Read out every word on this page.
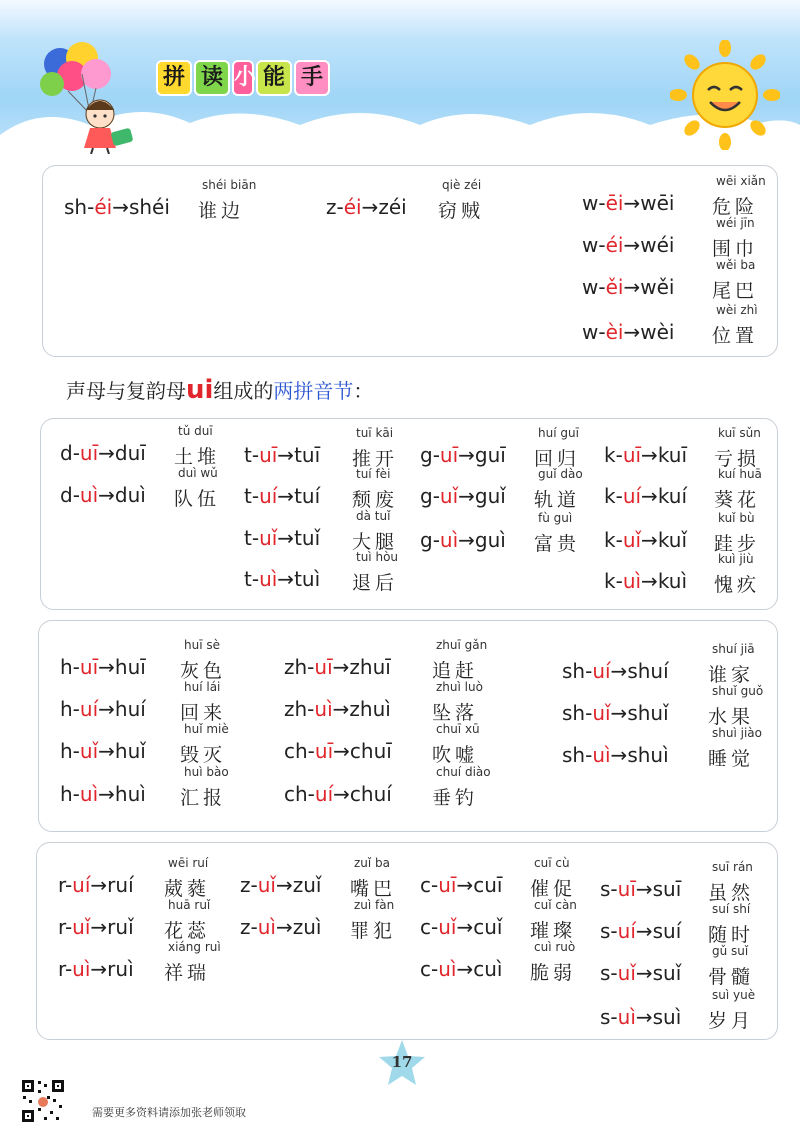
拼 读 小 能 手
声母与复韵母ui组成的两拼音节：
sh-éi→shéi
shéi biān
谁边	z-éi→zéi
qiè zéi
窃贼	w-ēi→wēi
wēi xiǎn
危险
w-éi→wéi
wéi jīn
围巾
w-ěi→wěi
wěi ba
尾巴
w-èi→wèi
wèi zhì
位置
d-uī→duī
tǔ duī
土堆
d-uì→duì
duì wǔ
队伍
t-uī→tuī
tuī kāi
推开
t-uí→tuí
tuí fèi
颓废
t-uǐ→tuǐ
dà tuǐ
大腿
t-uì→tuì
tuì hòu
退后
g-uī→guī
huí guī
回归
g-uǐ→guǐ
guǐ dào
轨道
g-uì→guì
fù guì
富贵
k-uī→kuī
kuī sǔn
亏损
k-uí→kuí
kuí huā
葵花
k-uǐ→kuǐ
kuǐ bù
跬步
k-uì→kuì
kuì jiù
愧疚
h-uī→huī
huī sè
灰色
h-uí→huí
huí lái
回来
h-uǐ→huǐ
huǐ miè
毁灭
h-uì→huì
huì bào
汇报
zh-uī→zhuī
zhuī gǎn
追赶
zh-uì→zhuì
zhuì luò
坠落
ch-uī→chuī
chuī xū
吹嘘
ch-uí→chuí
chuí diào
垂钓
sh-uí→shuí
shuí jiā
谁家
sh-uǐ→shuǐ
shuǐ guǒ
水果
sh-uì→shuì
shuì jiào
睡觉
r-uí→ruí
wēi ruí
葳蕤
r-uǐ→ruǐ
huā ruǐ
花蕊
r-uì→ruì
xiáng ruì
祥瑞
z-uǐ→zuǐ
zuǐ ba
嘴巴
z-uì→zuì
zuì fàn
罪犯
c-uī→cuī
cuī cù
催促
c-uǐ→cuǐ
cuǐ càn
璀璨
c-uì→cuì
cuì ruò
脆弱
s-uī→suī
suī rán
虽然
s-uí→suí
suí shí
随时
s-uǐ→suǐ
gǔ suǐ
骨髓
s-uì→suì
suì yuè
岁月
17
需要更多资料请添加张老师领取
